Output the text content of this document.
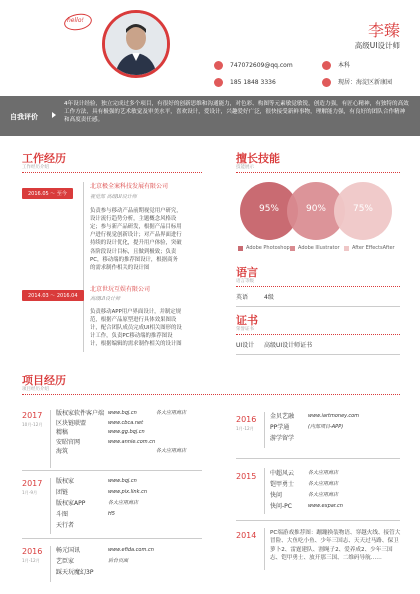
hello!
李臻
高级UI设计师
747072609@qq.com	本科
185 1848 3336	现居：海淀区新康园
自我评价
4年设计经验，独立完成过多个项目，有很好的创新思维和沟通能力，对色彩、构图等元素敏觉敏锐，创造力强，有匠心精神，有独特的高效工作方法，具有极强的艺术敏觉及审美水平，喜欢设计，爱设计，兴趣爱好广泛，很快接受新鲜事物，理解能力强，有良好的团队合作精神和高度责任感。
工作经历
工作经历介绍
2016.05 ～ 至今
北京极全案科技发展有限公司
视觉部 高级UI设计师
负责参与移动产品前期视觉用户研究，设计流行趋势分析，主题概念风格设定；参与新产品研发，根据产品目标用户进行视觉创新设计；对产品界面进行持续的设计优化，提升用户体验，突破各阶段设计目标，且做到极致；负责PC，移动端的推荐图设计，根据商务的需求制作相关的设计图
2014.03 ～ 2016.04
北京世玩互娱有限公司
高级UI设计师
负责移动APP用户界面设计，并制定规范，根据产品原型进行具体效果图设计，配合团队成员完成UI相关图形的设计工作，负责PC移动端的推荐图设计，根据编辑的需求制作相关的设计图
擅长技能
技能展示
95%	90%	75%
Adobe Photoshop Adobe Illustrator After EffectsAfter
语言
语言等级
英语	4级
证书
荣誉证书
UI设计 高级UI设计师证书
项目经历
项目经历介绍
2017
10月-12月
版权家软件客户端 www.bqj.cn	各大应用商店
区块链联盟	www.cbca.net
精稿	www.gg.bqj.cn
安昭官网	www.annie.com.cn
海筑	各大应用商店
2017
1月-9月
版权家	www.bqj.cn
团链	www.pix.link.cn
版权家APP	各大应用商店
斗图	H5
天行者
2016
1月-12月
畅元国讯	www.efida.com.cn
艺臣家	后台页面
踩天玩魔幻3P
2016
1月-12月
金贝艺融	www.iartmoney.com
PP学通	(内部项目-APP)
游学留学
2015 中超风云	各大应用商店
铠甲勇士	各大应用商店
快问	各大应用商店
快问-PC	www.expar.cn
2014 PC端游戏推荐图：蹦蹦换装物语、穿越火线、接管大冒险、大鱼吃小鱼、少年三国志、天天过马路、保卫萝卜2、雷霆建队、割绳子2、爱养成2、少年三国志、铠甲勇士、放开那三国、二维码导航……
